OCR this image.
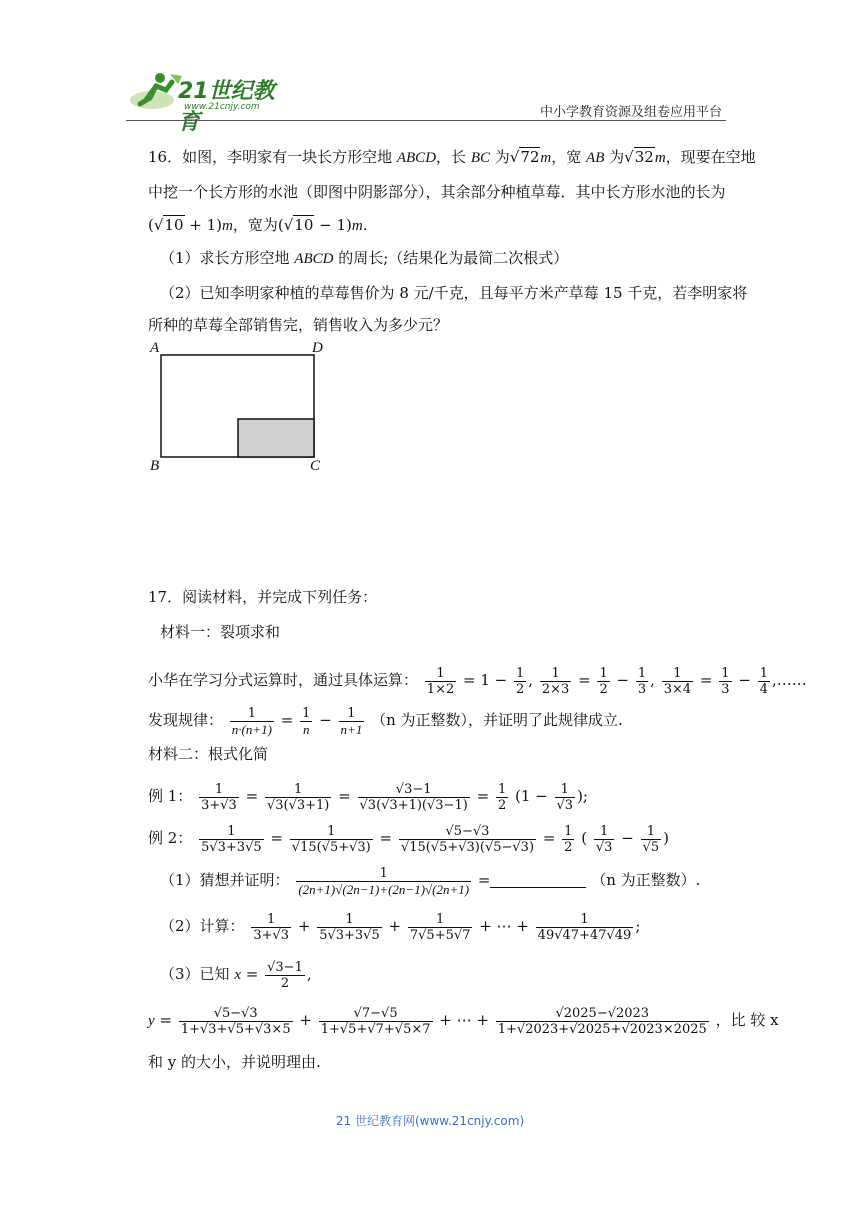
21世纪教育
www.21cnjy.com	中小学教育资源及组卷应用平台
16．如图，李明家有一块长方形空地 ABCD，长 BC 为√72m，宽 AB 为√32m，现要在空地
中挖一个长方形的水池（即图中阴影部分），其余部分种植草莓．其中长方形水池的长为
(√10 + 1)m，宽为(√10 − 1)m.
（1）求长方形空地 ABCD 的周长;（结果化为最简二次根式）
（2）已知李明家种植的草莓售价为 8 元/千克，且每平方米产草莓 15 千克，若李明家将
所种的草莓全部销售完，销售收入为多少元？
A	D
B	C
17．阅读材料，并完成下列任务：
材料一：裂项求和
小华在学习分式运算时，通过具体运算： $\frac{1}{1\times 2} = 1 - \frac{1}{2}$ , $\frac{1}{2\times 3} = \frac{1}{2} - \frac{1}{3}$ , $\frac{1}{3\times 4} = \frac{1}{3} - \frac{1}{4}$ ,……
发现规律： $\frac{1}{n\cdot(n+1)} = \frac{1}{n} - \frac{1}{n+1} (n$ 为正整数），并证明了此规律成立.
材料二：根式化简
例 1： $\frac{1}{3+√3} = \frac{1}{√3(√3+1)} = \frac{√3-1}{√3(√3+1)(√3-1)} = \frac{1}{2} (1 - \frac{1}{√3}$ );
例 2： $\frac{1}{5√3+3√5} = \frac{1}{√15(√5+√3)} = \frac{√5-√3}{√15(√5+√3)(√5-√3)} = \frac{1}{2}$ ( $\frac{1}{√3} - \frac{1}{√5}$ )
（1）猜想并证明： $\frac{1}{(2n+1)√(2n-1)+(2n-1)√(2n+1)}$ =	（n 为正整数）.
（2）计算： $\frac{1}{3+√3} + \frac{1}{5√3+3√5} + \frac{1}{7√5+5√7}$ + ⋯ + $\frac{1}{49√47+47√49}$ ;
（3）已知 $x = \frac{√3-1}{2}$ ,
$y = \frac{√5-√3}{1+√3+√5+√3\times 5} + \frac{√7-√5}{1+√5+√7+√5\times 7}$ + ⋯ + $\frac{√2025-√2023}{1+√2023+√2025+√2023\times 2025}$ ，比 较 x
和 y 的大小，并说明理由.
21 世纪教育网(www.21cnjy.com)
